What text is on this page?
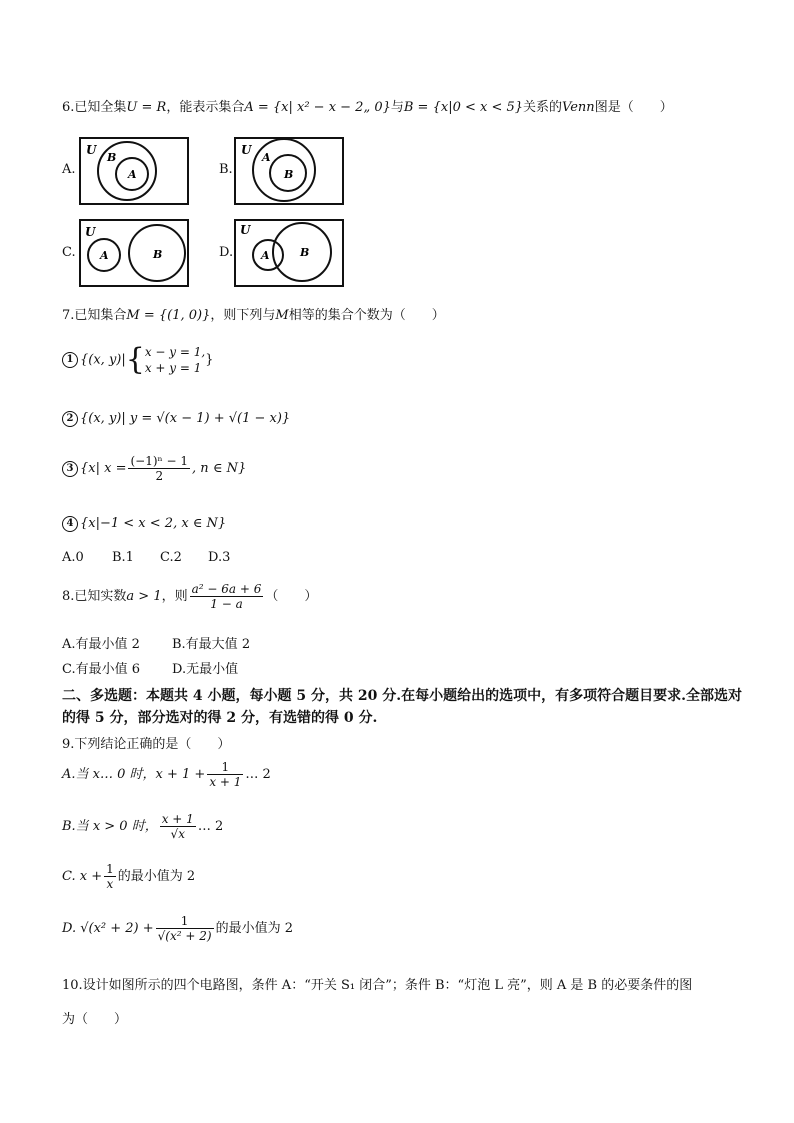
6.已知全集U = R，能表示集合A = {x| x² − x − 2„ 0}与B = {x|0 < x < 5}关系的Venn图是（　　）
A.
U
B
A	B.
U
A
B
C.
U
A	B	D.
U
A	B
7.已知集合M = {(1, 0)}，则下列与M相等的集合个数为（　　）
1 {(x, y)|{ x − y = 1,
x + y = 1
}
2 {(x, y)| y = √(x − 1) + √(1 − x)}
3 {x| $x = \frac{\text{(−1)ⁿ − 1}}{2}$ , n ∈ N}
4 {x|−1 < x < 2, x ∈ N}
A.0 B.1 C.2 D.3
8.已知实数a > 1，则 $\frac{\text{a² − 6a + 6}}{1 - a}$ （　　）
A.有最小值 2 B.有最大值 2
C.有最小值 6 D.无最小值
二、多选题：本题共 4 小题，每小题 5 分，共 20 分.在每小题给出的选项中，有多项符合题目要求.全部选对的得 5 分，部分选对的得 2 分，有选错的得 0 分.
9.下列结论正确的是（　　）
A.当 x… 0 时，$x + 1 + \frac{1}{x + 1}$ … 2
B.当 x > 0 时， $\frac{x + 1}{√x}$ … 2
C. $x + \frac{1}{x}$ 的最小值为 2
D. $√(x^2 + 2) + \frac{1}{\text{√(x² + 2)}}$ 的最小值为 2
10.设计如图所示的四个电路图，条件 A：“开关 S₁ 闭合”；条件 B：“灯泡 L 亮”，则 A 是 B 的必要条件的图
为（　　）
